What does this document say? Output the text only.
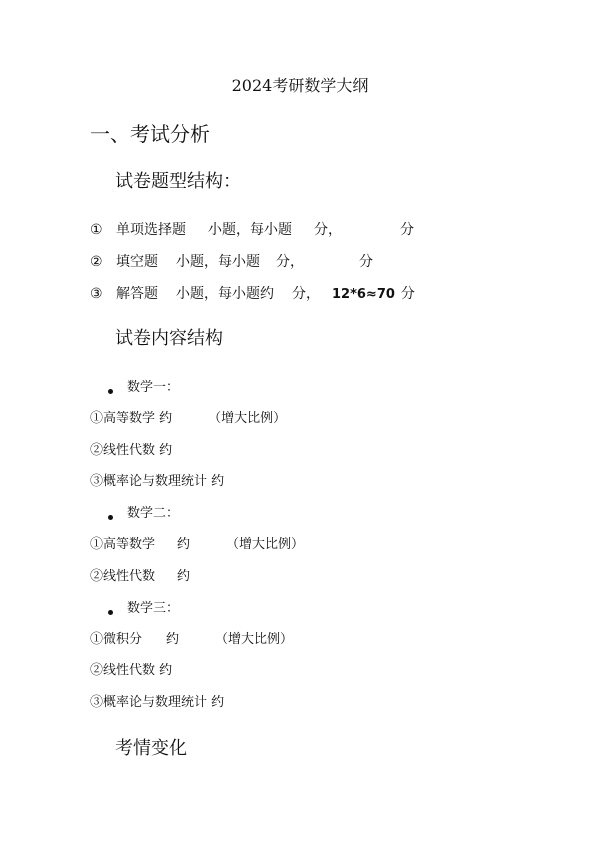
2024考研数学大纲
一、考试分析
试卷题型结构：
① 单项选择题 小题，每小题 分，	分
② 填空题 小题，每小题 分，	分
③ 解答题 小题，每小题约 分， 12*6≈70 分
试卷内容结构
数学一：
①高等数学 约	（增大比例）
②线性代数 约
③概率论与数理统计 约
数学二：
①高等数学 约	（增大比例）
②线性代数 约
数学三：
①微积分 约	（增大比例）
②线性代数 约
③概率论与数理统计 约
考情变化
